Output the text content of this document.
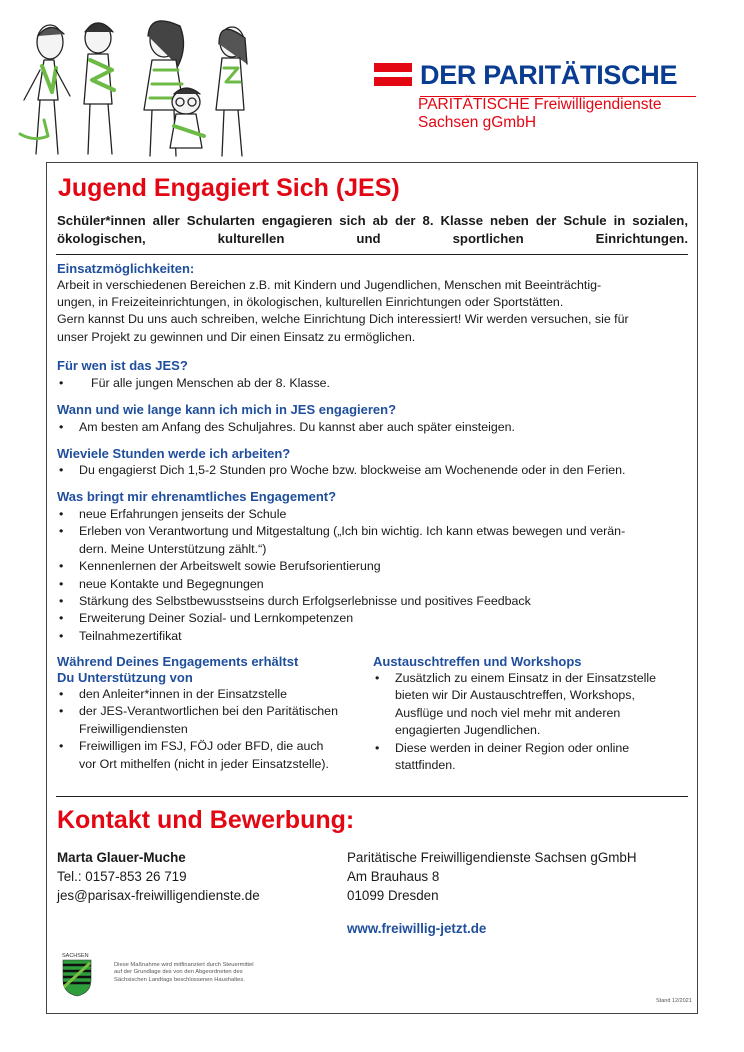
DER PARITÄTISCHE
PARITÄTISCHE Freiwilligendienste
Sachsen gGmbH
Jugend Engagiert Sich (JES)
Schüler*innen aller Schularten engagieren sich ab der 8. Klasse neben der Schule in sozialen, ökologischen, kulturellen und sportlichen Einrichtungen.
Einsatzmöglichkeiten:
Arbeit in verschiedenen Bereichen z.B. mit Kindern und Jugendlichen, Menschen mit Beeinträchtig-
ungen, in Freizeiteinrichtungen, in ökologischen, kulturellen Einrichtungen oder Sportstätten.
Gern kannst Du uns auch schreiben, welche Einrichtung Dich interessiert! Wir werden versuchen, sie für
unser Projekt zu gewinnen und Dir einen Einsatz zu ermöglichen.
Für wen ist das JES?
• Für alle jungen Menschen ab der 8. Klasse.
Wann und wie lange kann ich mich in JES engagieren?
• Am besten am Anfang des Schuljahres. Du kannst aber auch später einsteigen.
Wieviele Stunden werde ich arbeiten?
• Du engagierst Dich 1,5-2 Stunden pro Woche bzw. blockweise am Wochenende oder in den Ferien.
Was bringt mir ehrenamtliches Engagement?
• neue Erfahrungen jenseits der Schule
• Erleben von Verantwortung und Mitgestaltung („Ich bin wichtig. Ich kann etwas bewegen und verän-
dern. Meine Unterstützung zählt.“)
• Kennenlernen der Arbeitswelt sowie Berufsorientierung
• neue Kontakte und Begegnungen
• Stärkung des Selbstbewusstseins durch Erfolgserlebnisse und positives Feedback
• Erweiterung Deiner Sozial- und Lernkompetenzen
• Teilnahmezertifikat
Während Deines Engagements erhältst
Du Unterstützung von
• den Anleiter*innen in der Einsatzstelle
• der JES-Verantwortlichen bei den Paritätischen
Freiwilligendiensten
• Freiwilligen im FSJ, FÖJ oder BFD, die auch
vor Ort mithelfen (nicht in jeder Einsatzstelle).
Austauschtreffen und Workshops
• Zusätzlich zu einem Einsatz in der Einsatzstelle
bieten wir Dir Austauschtreffen, Workshops,
Ausflüge und noch viel mehr mit anderen
engagierten Jugendlichen.
• Diese werden in deiner Region oder online
stattfinden.
Kontakt und Bewerbung:
Marta Glauer-Muche
Tel.: 0157-853 26 719
jes@parisax-freiwilligendienste.de
Paritätische Freiwilligendienste Sachsen gGmbH
Am Brauhaus 8
01099 Dresden
www.freiwillig-jetzt.de
SACHSEN
Diese Maßnahme wird mitfinanziert durch Steuermittel
auf der Grundlage des von den Abgeordneten des
Sächsischen Landtags beschlossenen Haushaltes.
Stand 12/2021
